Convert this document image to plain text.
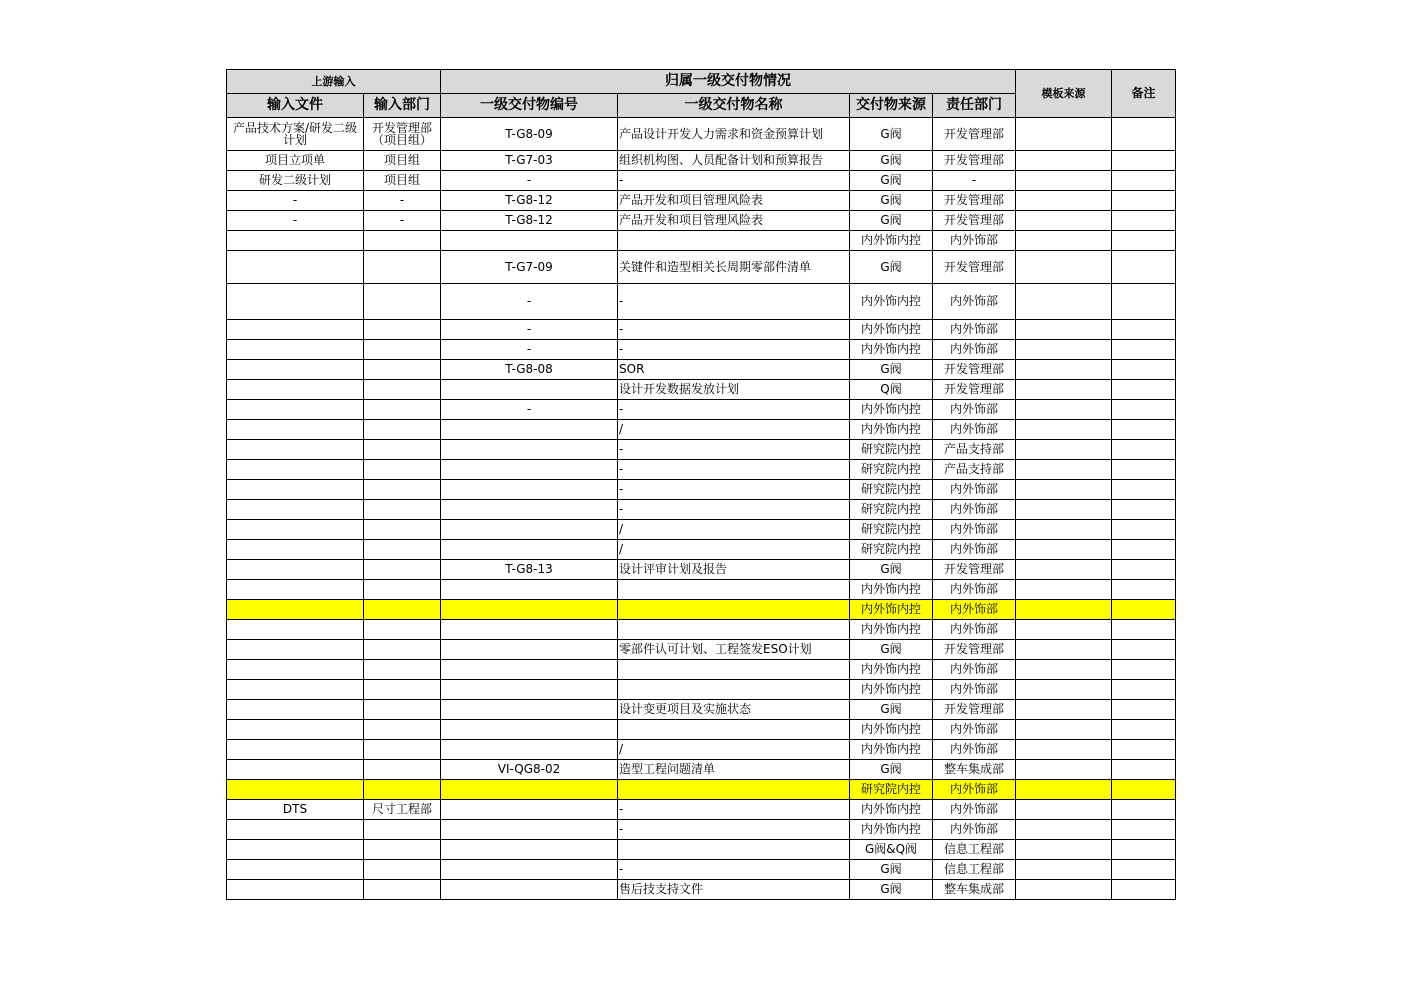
上游输入		归属一级交付物情况				模板来源	备注
输入文件	输入部门	一级交付物编号	一级交付物名称	交付物来源	责任部门		
产品技术方案/研发二级计划	开发管理部（项目组）	T-G8-09	产品设计开发人力需求和资金预算计划	G阀	开发管理部		
项目立项单	项目组	T-G7-03	组织机构图、人员配备计划和预算报告	G阀	开发管理部		
研发二级计划	项目组	-	-	G阀	-		
-	-	T-G8-12	产品开发和项目管理风险表	G阀	开发管理部		
-	-	T-G8-12	产品开发和项目管理风险表	G阀	开发管理部		
				内外饰内控	内外饰部		
		T-G7-09	关键件和造型相关长周期零部件清单	G阀	开发管理部		
		-	-	内外饰内控	内外饰部		
		-	-	内外饰内控	内外饰部		
		-	-	内外饰内控	内外饰部		
		T-G8-08	SOR	G阀	开发管理部		
			设计开发数据发放计划	Q阀	开发管理部		
		-	-	内外饰内控	内外饰部		
			/	内外饰内控	内外饰部		
			-	研究院内控	产品支持部		
			-	研究院内控	产品支持部		
			-	研究院内控	内外饰部		
			-	研究院内控	内外饰部		
			/	研究院内控	内外饰部		
			/	研究院内控	内外饰部		
		T-G8-13	设计评审计划及报告	G阀	开发管理部		
				内外饰内控	内外饰部		
				内外饰内控	内外饰部		
				内外饰内控	内外饰部		
			零部件认可计划、工程签发ESO计划	G阀	开发管理部		
				内外饰内控	内外饰部		
				内外饰内控	内外饰部		
			设计变更项目及实施状态	G阀	开发管理部		
				内外饰内控	内外饰部		
			/	内外饰内控	内外饰部		
		VI-QG8-02	造型工程问题清单	G阀	整车集成部		
				研究院内控	内外饰部		
DTS	尺寸工程部		-	内外饰内控	内外饰部		
			-	内外饰内控	内外饰部		
				G阀&Q阀	信息工程部		
			-	G阀	信息工程部		
			售后技支持文件	G阀	整车集成部		
